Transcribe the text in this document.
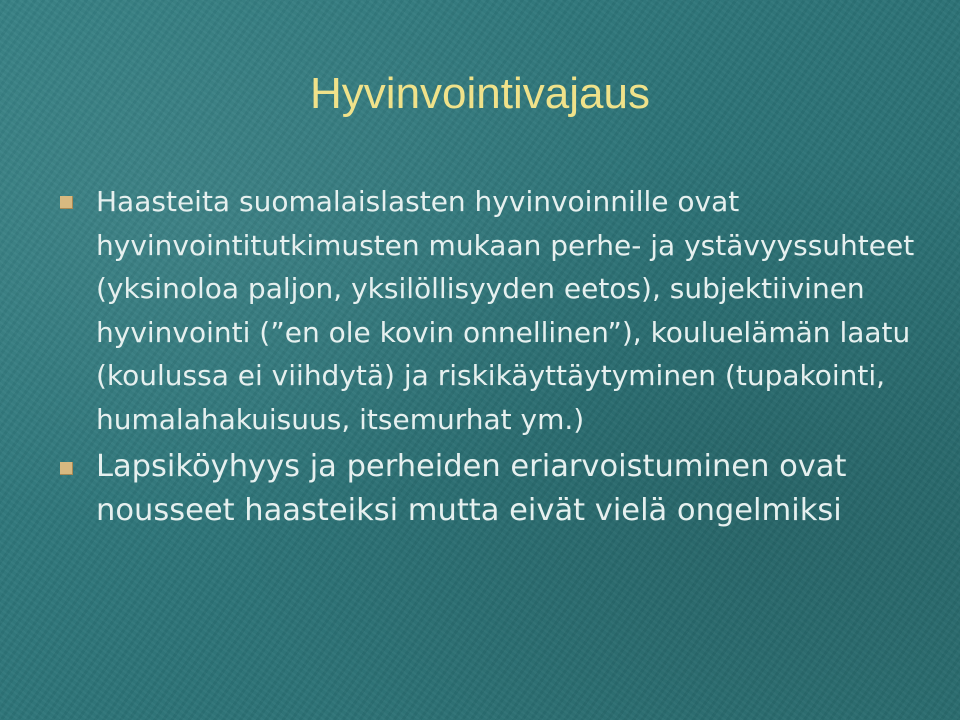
Hyvinvointivajaus
Haasteita suomalaislasten hyvinvoinnille ovat hyvinvointitutkimusten mukaan perhe- ja ystävyyssuhteet (yksinoloa paljon, yksilöllisyyden eetos), subjektiivinen hyvinvointi (”en ole kovin onnellinen”), kouluelämän laatu (koulussa ei viihdytä) ja riskikäyttäytyminen (tupakointi, humalahakuisuus, itsemurhat ym.)
Lapsiköyhyys ja perheiden eriarvoistuminen ovat nousseet haasteiksi mutta eivät vielä ongelmiksi
